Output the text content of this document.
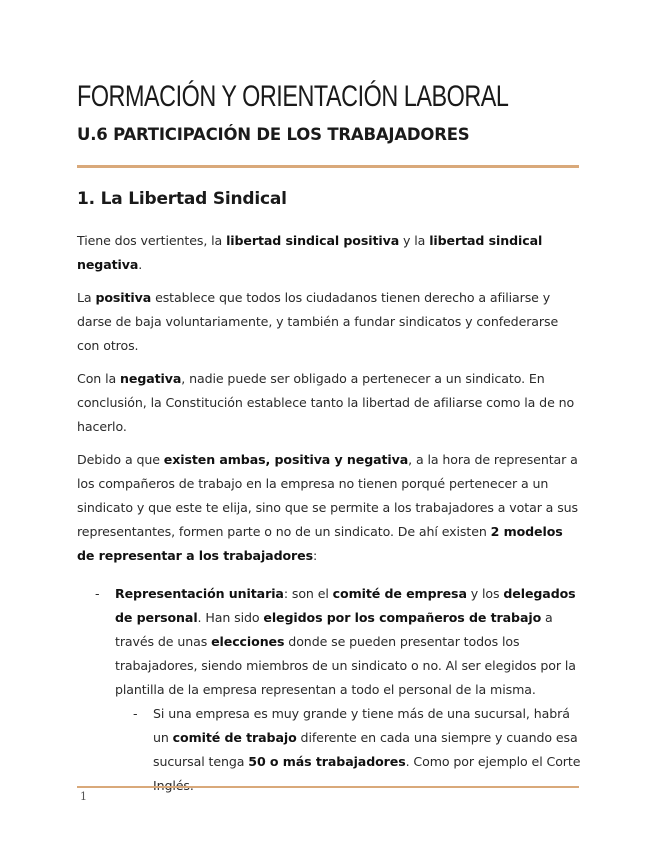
FORMACIÓN Y ORIENTACIÓN LABORAL
U.6 PARTICIPACIÓN DE LOS TRABAJADORES
1. La Libertad Sindical

Tiene dos vertientes, la libertad sindical positiva y la libertad sindical negativa.

La positiva establece que todos los ciudadanos tienen derecho a afiliarse y darse de baja voluntariamente, y también a fundar sindicatos y confederarse con otros.

Con la negativa, nadie puede ser obligado a pertenecer a un sindicato. En conclusión, la Constitución establece tanto la libertad de afiliarse como la de no hacerlo.

Debido a que existen ambas, positiva y negativa, a la hora de representar a los compañeros de trabajo en la empresa no tienen porqué pertenecer a un sindicato y que este te elija, sino que se permite a los trabajadores a votar a sus representantes, formen parte o no de un sindicato. De ahí existen 2 modelos de representar a los trabajadores:

- Representación unitaria: son el comité de empresa y los delegados de personal. Han sido elegidos por los compañeros de trabajo a través de unas elecciones donde se pueden presentar todos los trabajadores, siendo miembros de un sindicato o no. Al ser elegidos por la plantilla de la empresa representan a todo el personal de la misma.
- Si una empresa es muy grande y tiene más de una sucursal, habrá un comité de trabajo diferente en cada una siempre y cuando esa sucursal tenga 50 o más trabajadores. Como por ejemplo el Corte
1
